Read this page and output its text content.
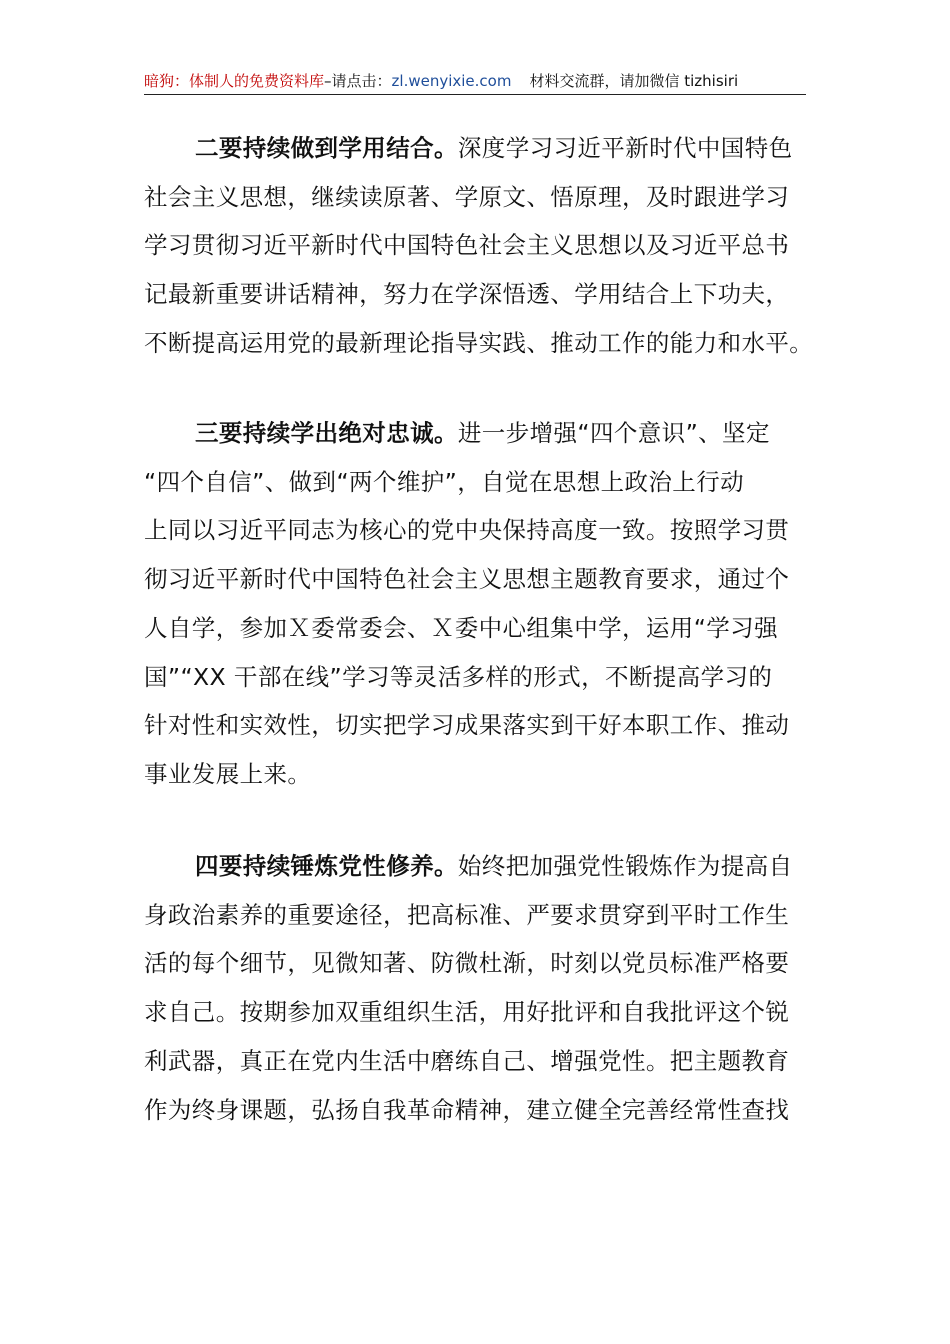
暗狗：体制人的免费资料库–请点击：zl.wenyixie.com 材料交流群，请加微信 tizhisiri
二要持续做到学用结合。深度学习习近平新时代中国特色
社会主义思想，继续读原著、学原文、悟原理，及时跟进学习
学习贯彻习近平新时代中国特色社会主义思想以及习近平总书
记最新重要讲话精神，努力在学深悟透、学用结合上下功夫，
不断提高运用党的最新理论指导实践、推动工作的能力和水平。
三要持续学出绝对忠诚。进一步增强“四个意识”、坚定
“四个自信”、做到“两个维护”，自觉在思想上政治上行动
上同以习近平同志为核心的党中央保持高度一致。按照学习贯
彻习近平新时代中国特色社会主义思想主题教育要求，通过个
人自学，参加Ｘ委常委会、Ｘ委中心组集中学，运用“学习强
国”“XX 干部在线”学习等灵活多样的形式，不断提高学习的
针对性和实效性，切实把学习成果落实到干好本职工作、推动
事业发展上来。
四要持续锤炼党性修养。始终把加强党性锻炼作为提高自
身政治素养的重要途径，把高标准、严要求贯穿到平时工作生
活的每个细节，见微知著、防微杜渐，时刻以党员标准严格要
求自己。按期参加双重组织生活，用好批评和自我批评这个锐
利武器，真正在党内生活中磨练自己、增强党性。把主题教育
作为终身课题，弘扬自我革命精神，建立健全完善经常性查找
